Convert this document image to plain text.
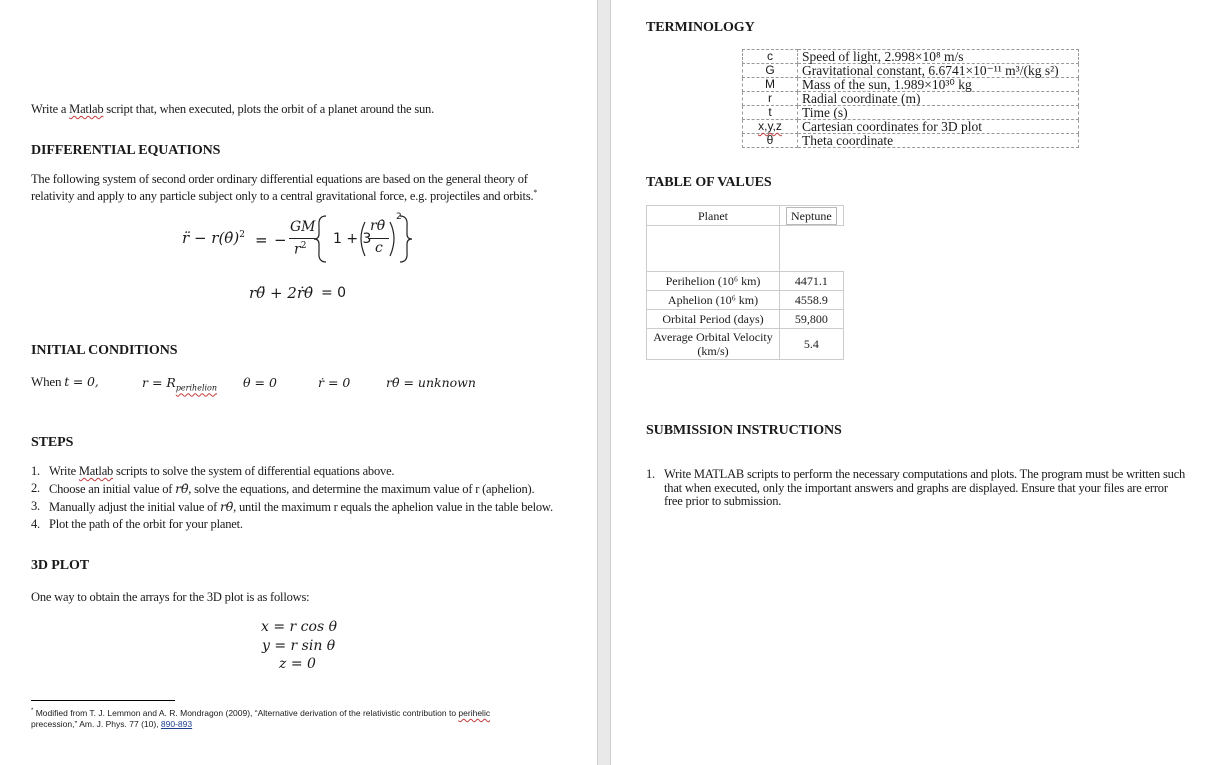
Write a Matlab script that, when executed, plots the orbit of a planet around the sun.
DIFFERENTIAL EQUATIONS
The following system of second order ordinary differential equations are based on the general theory of
relativity and apply to any particle subject only to a central gravitational force, e.g. projectiles and orbits.*
r̈ − r(θ̇)$^2$ = −
GM
$r^2$ 1 + 3
rθ̇
c
2
rθ̈ + 2ṙθ̇ = 0
INITIAL CONDITIONS
When t = 0,	$r = R_{perihelion}$ θ = 0	ṙ = 0	rθ̇ = unknown
STEPS
1. Write Matlab scripts to solve the system of differential equations above.
2. Choose an initial value of rθ̇, solve the equations, and determine the maximum value of r (aphelion).
3. Manually adjust the initial value of rθ̇, until the maximum r equals the aphelion value in the table below.
4. Plot the path of the orbit for your planet.
3D PLOT
One way to obtain the arrays for the 3D plot is as follows:
x = r cos θ
y = r sin θ
z = 0
* Modified from T. J. Lemmon and A. R. Mondragon (2009), “Alternative derivation of the relativistic contribution to perihelic
precession,” Am. J. Phys. 77 (10), 890-893
TERMINOLOGY
c	Speed of light, 2.998×10⁸ m/s
G	Gravitational constant, 6.6741×10⁻¹¹ m³/(kg s²)
M	Mass of the sun, 1.989×10³⁰ kg
r	Radial coordinate (m)
t	Time (s)
x,y,z	Cartesian coordinates for 3D plot
θ	Theta coordinate
TABLE OF VALUES
Planet	Neptune

Perihelion (10⁶ km)	4471.1
Aphelion (10⁶ km)	4558.9
Orbital Period (days)	59,800
Average Orbital Velocity (km/s)	5.4
SUBMISSION INSTRUCTIONS
1. Write MATLAB scripts to perform the necessary computations and plots. The program must be written such
that when executed, only the important answers and graphs are displayed. Ensure that your files are error
free prior to submission.
